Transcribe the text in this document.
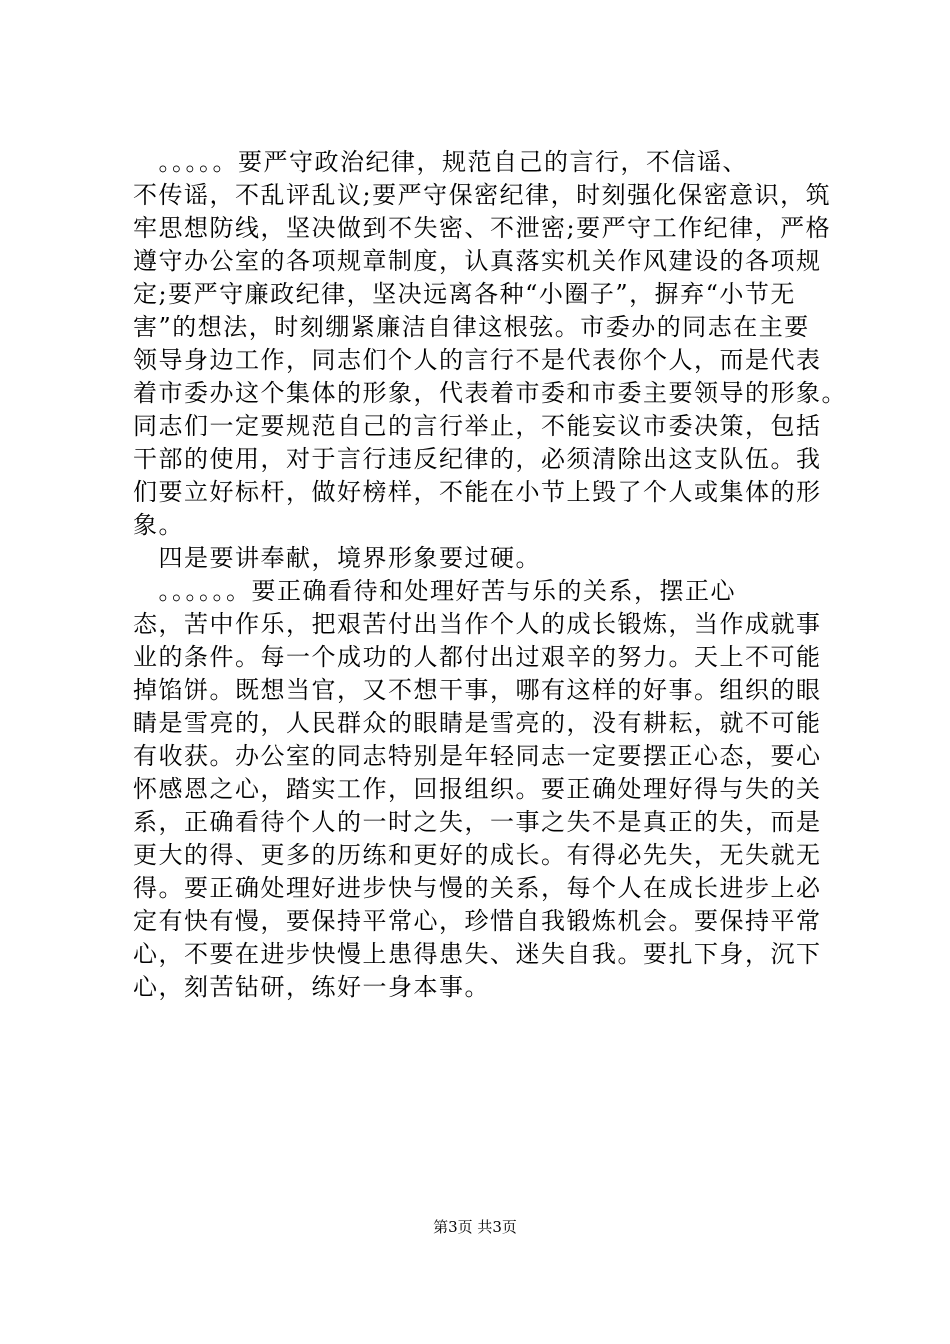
　。。。。。要严守政治纪律，规范自己的言行，不信谣、
不传谣，不乱评乱议;要严守保密纪律，时刻强化保密意识，筑
牢思想防线，坚决做到不失密、不泄密;要严守工作纪律，严格
遵守办公室的各项规章制度，认真落实机关作风建设的各项规
定;要严守廉政纪律，坚决远离各种“小圈子”，摒弃“小节无
害”的想法，时刻绷紧廉洁自律这根弦。市委办的同志在主要
领导身边工作，同志们个人的言行不是代表你个人，而是代表
着市委办这个集体的形象，代表着市委和市委主要领导的形象。
同志们一定要规范自己的言行举止，不能妄议市委决策，包括
干部的使用，对于言行违反纪律的，必须清除出这支队伍。我
们要立好标杆，做好榜样，不能在小节上毁了个人或集体的形
象。
　四是要讲奉献，境界形象要过硬。
　。。。。。。要正确看待和处理好苦与乐的关系，摆正心
态，苦中作乐，把艰苦付出当作个人的成长锻炼，当作成就事
业的条件。每一个成功的人都付出过艰辛的努力。天上不可能
掉馅饼。既想当官，又不想干事，哪有这样的好事。组织的眼
睛是雪亮的，人民群众的眼睛是雪亮的，没有耕耘，就不可能
有收获。办公室的同志特别是年轻同志一定要摆正心态，要心
怀感恩之心，踏实工作，回报组织。要正确处理好得与失的关
系，正确看待个人的一时之失，一事之失不是真正的失，而是
更大的得、更多的历练和更好的成长。有得必先失，无失就无
得。要正确处理好进步快与慢的关系，每个人在成长进步上必
定有快有慢，要保持平常心，珍惜自我锻炼机会。要保持平常
心，不要在进步快慢上患得患失、迷失自我。要扎下身，沉下
心，刻苦钻研，练好一身本事。
第3页 共3页
